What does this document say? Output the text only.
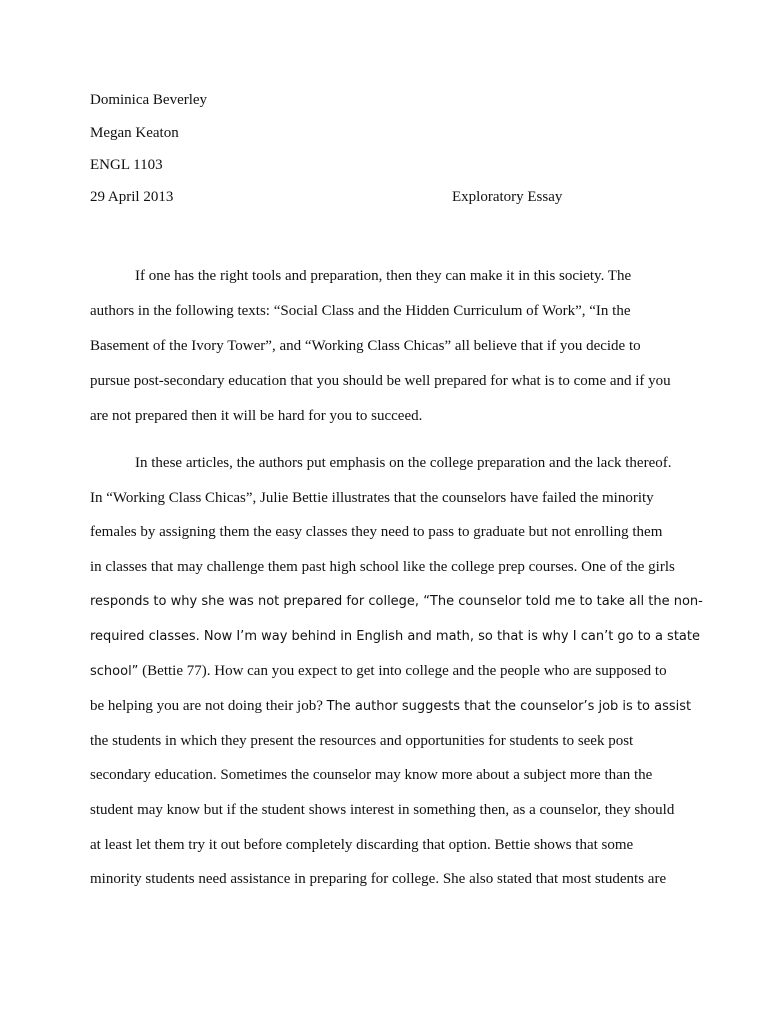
Dominica Beverley
Megan Keaton
ENGL 1103
29 April 2013	Exploratory Essay
If one has the right tools and preparation, then they can make it in this society. The
authors in the following texts: “Social Class and the Hidden Curriculum of Work”, “In the
Basement of the Ivory Tower”, and “Working Class Chicas” all believe that if you decide to
pursue post-secondary education that you should be well prepared for what is to come and if you
are not prepared then it will be hard for you to succeed.
In these articles, the authors put emphasis on the college preparation and the lack thereof.
In “Working Class Chicas”, Julie Bettie illustrates that the counselors have failed the minority
females by assigning them the easy classes they need to pass to graduate but not enrolling them
in classes that may challenge them past high school like the college prep courses. One of the girls
responds to why she was not prepared for college, “The counselor told me to take all the non-
required classes. Now I’m way behind in English and math, so that is why I can’t go to a state
school” (Bettie 77). How can you expect to get into college and the people who are supposed to
be helping you are not doing their job? The author suggests that the counselor’s job is to assist
the students in which they present the resources and opportunities for students to seek post
secondary education. Sometimes the counselor may know more about a subject more than the
student may know but if the student shows interest in something then, as a counselor, they should
at least let them try it out before completely discarding that option. Bettie shows that some
minority students need assistance in preparing for college. She also stated that most students are
